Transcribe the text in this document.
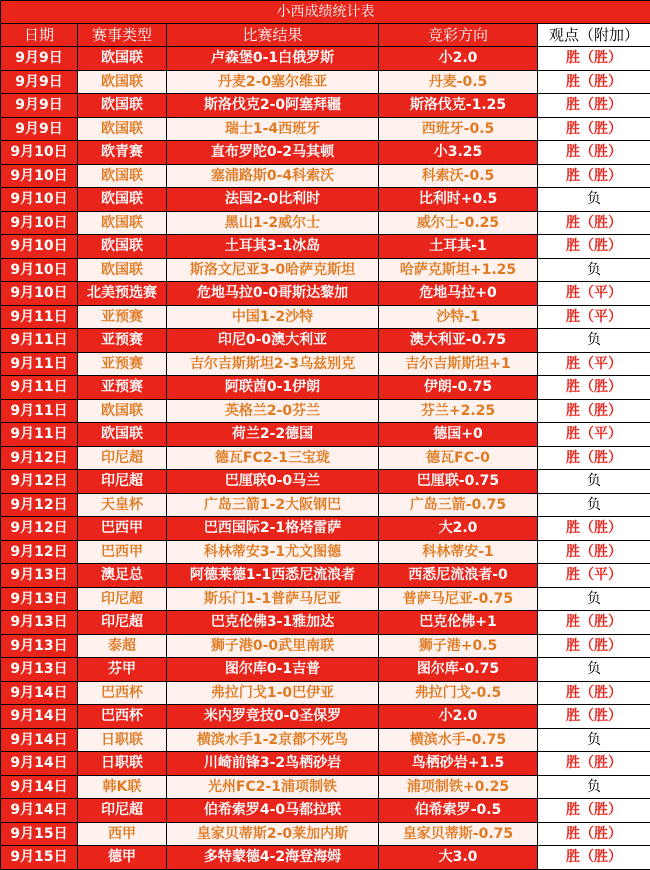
小西成绩统计表				
日期	赛事类型	比赛结果	竞彩方向	观点（附加）
9月9日	欧国联	卢森堡0-1白俄罗斯	小2.0	胜（胜）
9月9日	欧国联	丹麦2-0塞尔维亚	丹麦-0.5	胜（胜）
9月9日	欧国联	斯洛伐克2-0阿塞拜疆	斯洛伐克-1.25	胜（胜）
9月9日	欧国联	瑞士1-4西班牙	西班牙-0.5	胜（胜）
9月10日	欧青赛	直布罗陀0-2马其顿	小3.25	胜（胜）
9月10日	欧国联	塞浦路斯0-4科索沃	科索沃-0.5	胜（胜）
9月10日	欧国联	法国2-0比利时	比利时+0.5	负
9月10日	欧国联	黑山1-2威尔士	威尔士-0.25	胜（胜）
9月10日	欧国联	土耳其3-1冰岛	土耳其-1	胜（胜）
9月10日	欧国联	斯洛文尼亚3-0哈萨克斯坦	哈萨克斯坦+1.25	负
9月10日	北美预选赛	危地马拉0-0哥斯达黎加	危地马拉+0	胜（平）
9月11日	亚预赛	中国1-2沙特	沙特-1	胜（平）
9月11日	亚预赛	印尼0-0澳大利亚	澳大利亚-0.75	负
9月11日	亚预赛	吉尔吉斯斯坦2-3乌兹别克	吉尔吉斯斯坦+1	胜（平）
9月11日	亚预赛	阿联酋0-1伊朗	伊朗-0.75	胜（胜）
9月11日	欧国联	英格兰2-0芬兰	芬兰+2.25	胜（胜）
9月11日	欧国联	荷兰2-2德国	德国+0	胜（平）
9月12日	印尼超	德瓦FC2-1三宝珑	德瓦FC-0	胜（胜）
9月12日	印尼超	巴厘联0-0马兰	巴厘联-0.75	负
9月12日	天皇杯	广岛三箭1-2大阪钢巴	广岛三箭-0.75	负
9月12日	巴西甲	巴西国际2-1格塔雷萨	大2.0	胜（胜）
9月12日	巴西甲	科林蒂安3-1尤文图德	科林蒂安-1	胜（胜）
9月13日	澳足总	阿德莱德1-1西悉尼流浪者	西悉尼流浪者-0	胜（平）
9月13日	印尼超	斯乐门1-1普萨马尼亚	普萨马尼亚-0.75	负
9月13日	印尼超	巴克伦佛3-1雅加达	巴克伦佛+1	胜（胜）
9月13日	泰超	狮子港0-0武里南联	狮子港+0.5	胜（胜）
9月13日	芬甲	图尔库0-1吉普	图尔库-0.75	负
9月14日	巴西杯	弗拉门戈1-0巴伊亚	弗拉门戈-0.5	胜（胜）
9月14日	巴西杯	米内罗竞技0-0圣保罗	小2.0	胜（胜）
9月14日	日职联	横滨水手1-2京都不死鸟	横滨水手-0.75	负
9月14日	日职联	川崎前锋3-2鸟栖砂岩	鸟栖砂岩+1.5	胜（胜）
9月14日	韩K联	光州FC2-1浦项制铁	浦项制铁+0.25	负
9月14日	印尼超	伯希索罗4-0马都拉联	伯希索罗-0.5	胜（胜）
9月15日	西甲	皇家贝蒂斯2-0莱加内斯	皇家贝蒂斯-0.75	胜（胜）
9月15日	德甲	多特蒙德4-2海登海姆	大3.0	胜（胜）
